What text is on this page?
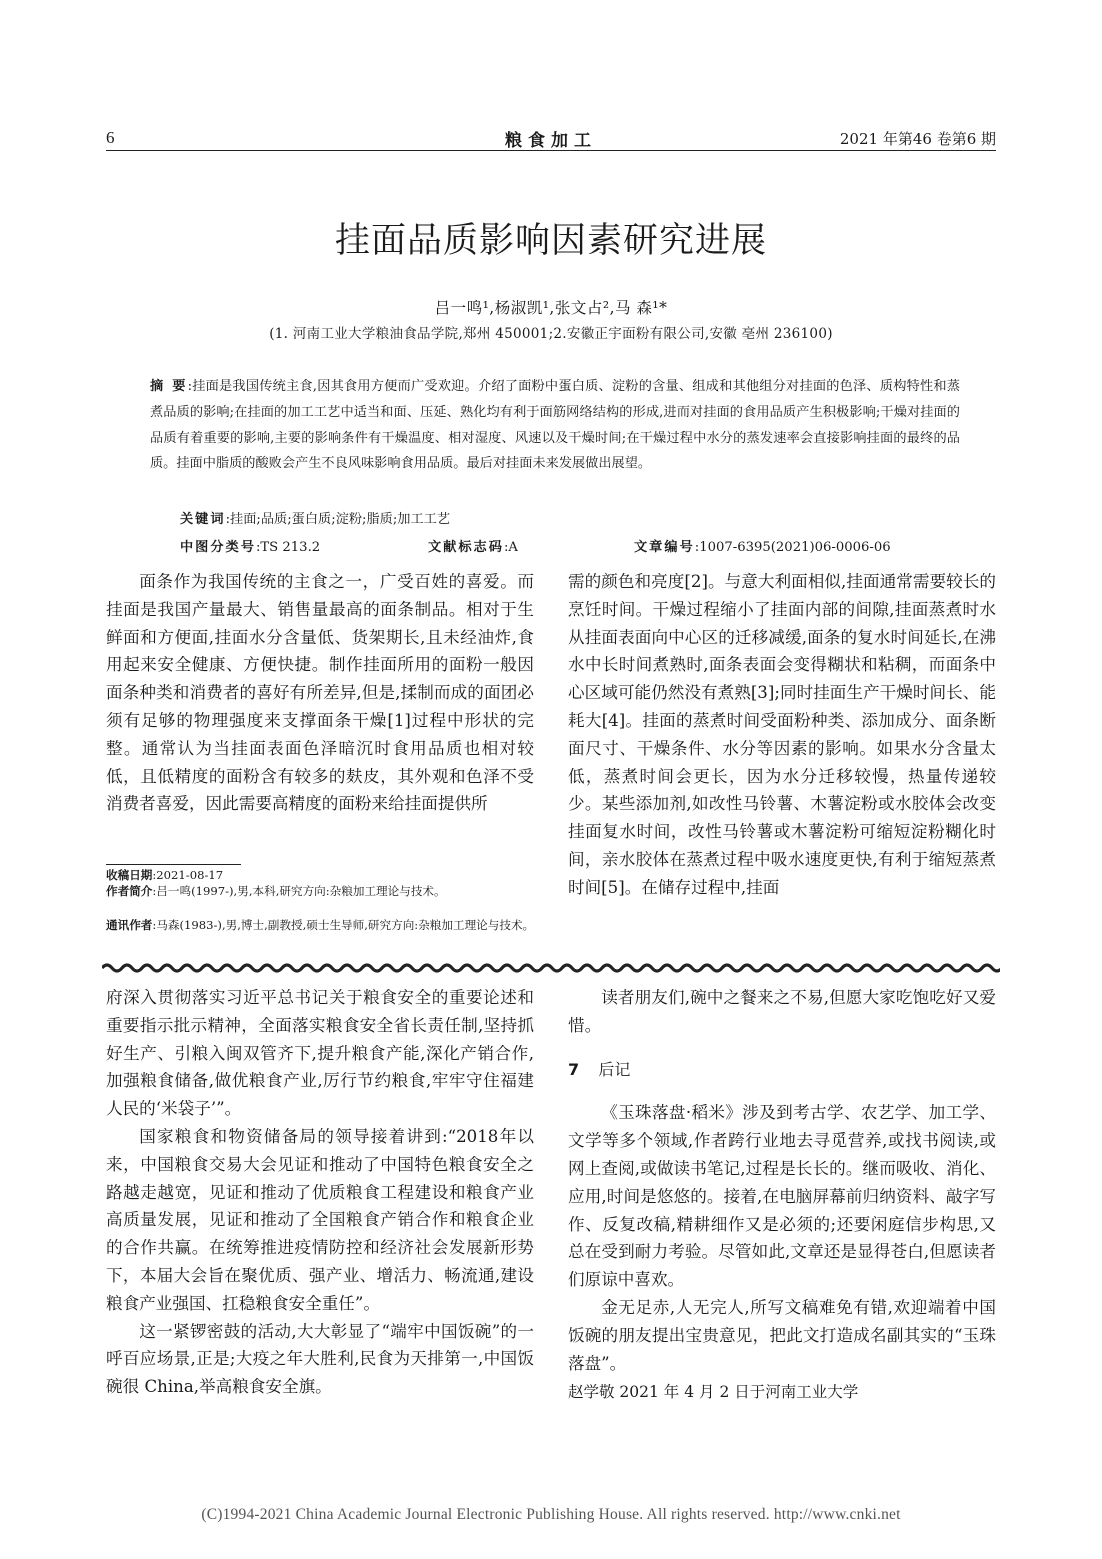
6	粮食加工	2021 年第46 卷第6 期
挂面品质影响因素研究进展
吕一鸣¹,杨淑凯¹,张文占²,马 森¹*
(1. 河南工业大学粮油食品学院,郑州 450001;2.安徽正宇面粉有限公司,安徽 亳州 236100)
摘 要:挂面是我国传统主食,因其食用方便而广受欢迎。介绍了面粉中蛋白质、淀粉的含量、组成和其他组分对挂面的色泽、质构特性和蒸煮品质的影响;在挂面的加工工艺中适当和面、压延、熟化均有利于面筋网络结构的形成,进而对挂面的食用品质产生积极影响;干燥对挂面的品质有着重要的影响,主要的影响条件有干燥温度、相对湿度、风速以及干燥时间;在干燥过程中水分的蒸发速率会直接影响挂面的最终的品质。挂面中脂质的酸败会产生不良风味影响食用品质。最后对挂面未来发展做出展望。
关键词:挂面;品质;蛋白质;淀粉;脂质;加工工艺
中图分类号:TS 213.2	文献标志码:A	文章编号:1007-6395(2021)06-0006-06

面条作为我国传统的主食之一，广受百姓的喜爱。而挂面是我国产量最大、销售量最高的面条制品。相对于生鲜面和方便面,挂面水分含量低、货架期长,且未经油炸,食用起来安全健康、方便快捷。制作挂面所用的面粉一般因面条种类和消费者的喜好有所差异,但是,揉制而成的面团必须有足够的物理强度来支撑面条干燥[1]过程中形状的完整。通常认为当挂面表面色泽暗沉时食用品质也相对较低，且低精度的面粉含有较多的麸皮，其外观和色泽不受消费者喜爱，因此需要高精度的面粉来给挂面提供所

收稿日期:2021-08-17
作者简介:吕一鸣(1997-),男,本科,研究方向:杂粮加工理论与技术。
通讯作者:马森(1983-),男,博士,副教授,硕士生导师,研究方向:杂粮加工理论与技术。

需的颜色和亮度[2]。与意大利面相似,挂面通常需要较长的烹饪时间。干燥过程缩小了挂面内部的间隙,挂面蒸煮时水从挂面表面向中心区的迁移减缓,面条的复水时间延长,在沸水中长时间煮熟时,面条表面会变得糊状和粘稠，而面条中心区域可能仍然没有煮熟[3];同时挂面生产干燥时间长、能耗大[4]。挂面的蒸煮时间受面粉种类、添加成分、面条断面尺寸、干燥条件、水分等因素的影响。如果水分含量太低，蒸煮时间会更长，因为水分迁移较慢，热量传递较少。某些添加剂,如改性马铃薯、木薯淀粉或水胶体会改变挂面复水时间，改性马铃薯或木薯淀粉可缩短淀粉糊化时间，亲水胶体在蒸煮过程中吸水速度更快,有利于缩短蒸煮时间[5]。在储存过程中,挂面

府深入贯彻落实习近平总书记关于粮食安全的重要论述和重要指示批示精神，全面落实粮食安全省长责任制,坚持抓好生产、引粮入闽双管齐下,提升粮食产能,深化产销合作,加强粮食储备,做优粮食产业,厉行节约粮食,牢牢守住福建人民的‘米袋子’”。

国家粮食和物资储备局的领导接着讲到:“2018年以来，中国粮食交易大会见证和推动了中国特色粮食安全之路越走越宽，见证和推动了优质粮食工程建设和粮食产业高质量发展，见证和推动了全国粮食产销合作和粮食企业的合作共赢。在统筹推进疫情防控和经济社会发展新形势下，本届大会旨在聚优质、强产业、增活力、畅流通,建设粮食产业强国、扛稳粮食安全重任”。

这一紧锣密鼓的活动,大大彰显了“端牢中国饭碗”的一呼百应场景,正是;大疫之年大胜利,民食为天排第一,中国饭碗很 China,举高粮食安全旗。

读者朋友们,碗中之餐来之不易,但愿大家吃饱吃好又爱惜。

7 后记

《玉珠落盘·稻米》涉及到考古学、农艺学、加工学、文学等多个领域,作者跨行业地去寻觅营养,或找书阅读,或网上查阅,或做读书笔记,过程是长长的。继而吸收、消化、应用,时间是悠悠的。接着,在电脑屏幕前归纳资料、敲字写作、反复改稿,精耕细作又是必须的;还要闲庭信步构思,又总在受到耐力考验。尽管如此,文章还是显得苍白,但愿读者们原谅中喜欢。

金无足赤,人无完人,所写文稿难免有错,欢迎端着中国饭碗的朋友提出宝贵意见，把此文打造成名副其实的“玉珠落盘”。

赵学敬 2021 年 4 月 2 日于河南工业大学
(C)1994-2021 China Academic Journal Electronic Publishing House. All rights reserved. http://www.cnki.net
